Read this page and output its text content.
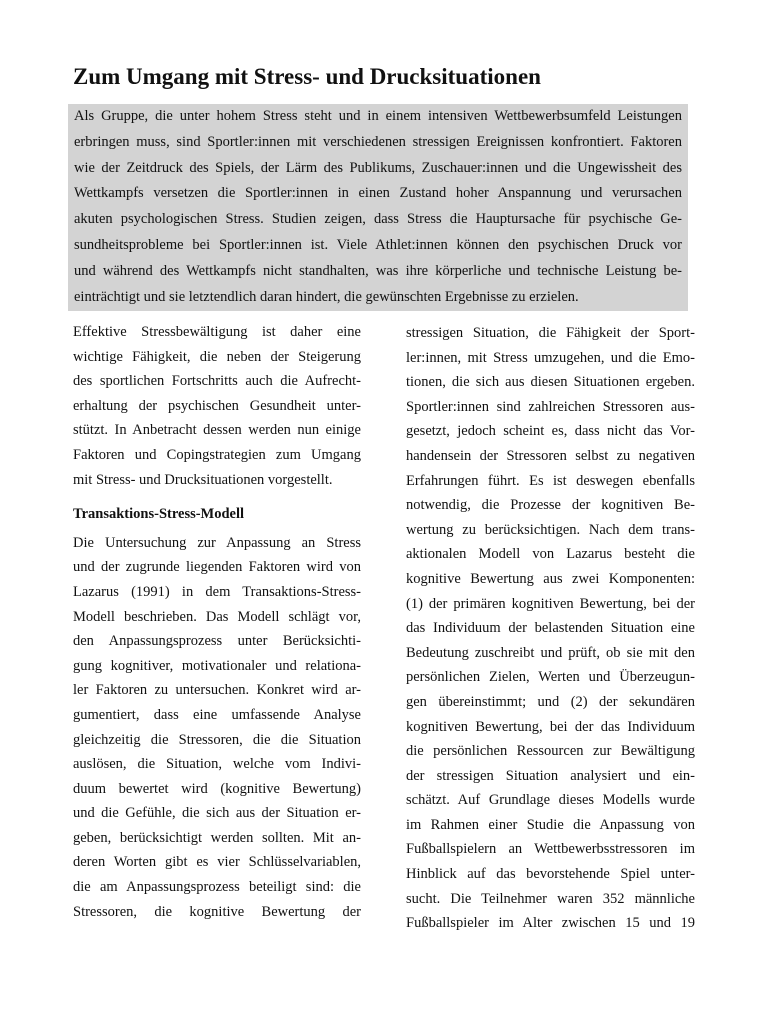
Zum Umgang mit Stress- und Drucksituationen
Als Gruppe, die unter hohem Stress steht und in einem intensiven Wettbewerbsumfeld Leistungen
erbringen muss, sind Sportler:innen mit verschiedenen stressigen Ereignissen konfrontiert. Faktoren
wie der Zeitdruck des Spiels, der Lärm des Publikums, Zuschauer:innen und die Ungewissheit des
Wettkampfs versetzen die Sportler:innen in einen Zustand hoher Anspannung und verursachen
akuten psychologischen Stress. Studien zeigen, dass Stress die Hauptursache für psychische Ge-
sundheitsprobleme bei Sportler:innen ist. Viele Athlet:innen können den psychischen Druck vor
und während des Wettkampfs nicht standhalten, was ihre körperliche und technische Leistung be-
einträchtigt und sie letztendlich daran hindert, die gewünschten Ergebnisse zu erzielen.
Effektive Stressbewältigung ist daher eine
wichtige Fähigkeit, die neben der Steigerung
des sportlichen Fortschritts auch die Aufrecht-
erhaltung der psychischen Gesundheit unter-
stützt. In Anbetracht dessen werden nun einige
Faktoren und Copingstrategien zum Umgang
mit Stress- und Drucksituationen vorgestellt.
Transaktions-Stress-Modell
Die Untersuchung zur Anpassung an Stress
und der zugrunde liegenden Faktoren wird von
Lazarus (1991) in dem Transaktions-Stress-
Modell beschrieben. Das Modell schlägt vor,
den Anpassungsprozess unter Berücksichti-
gung kognitiver, motivationaler und relationa-
ler Faktoren zu untersuchen. Konkret wird ar-
gumentiert, dass eine umfassende Analyse
gleichzeitig die Stressoren, die die Situation
auslösen, die Situation, welche vom Indivi-
duum bewertet wird (kognitive Bewertung)
und die Gefühle, die sich aus der Situation er-
geben, berücksichtigt werden sollten. Mit an-
deren Worten gibt es vier Schlüsselvariablen,
die am Anpassungsprozess beteiligt sind: die
Stressoren, die kognitive Bewertung der
stressigen Situation, die Fähigkeit der Sport-
ler:innen, mit Stress umzugehen, und die Emo-
tionen, die sich aus diesen Situationen ergeben.
Sportler:innen sind zahlreichen Stressoren aus-
gesetzt, jedoch scheint es, dass nicht das Vor-
handensein der Stressoren selbst zu negativen
Erfahrungen führt. Es ist deswegen ebenfalls
notwendig, die Prozesse der kognitiven Be-
wertung zu berücksichtigen. Nach dem trans-
aktionalen Modell von Lazarus besteht die
kognitive Bewertung aus zwei Komponenten:
(1) der primären kognitiven Bewertung, bei der
das Individuum der belastenden Situation eine
Bedeutung zuschreibt und prüft, ob sie mit den
persönlichen Zielen, Werten und Überzeugun-
gen übereinstimmt; und (2) der sekundären
kognitiven Bewertung, bei der das Individuum
die persönlichen Ressourcen zur Bewältigung
der stressigen Situation analysiert und ein-
schätzt. Auf Grundlage dieses Modells wurde
im Rahmen einer Studie die Anpassung von
Fußballspielern an Wettbewerbsstressoren im
Hinblick auf das bevorstehende Spiel unter-
sucht. Die Teilnehmer waren 352 männliche
Fußballspieler im Alter zwischen 15 und 19
